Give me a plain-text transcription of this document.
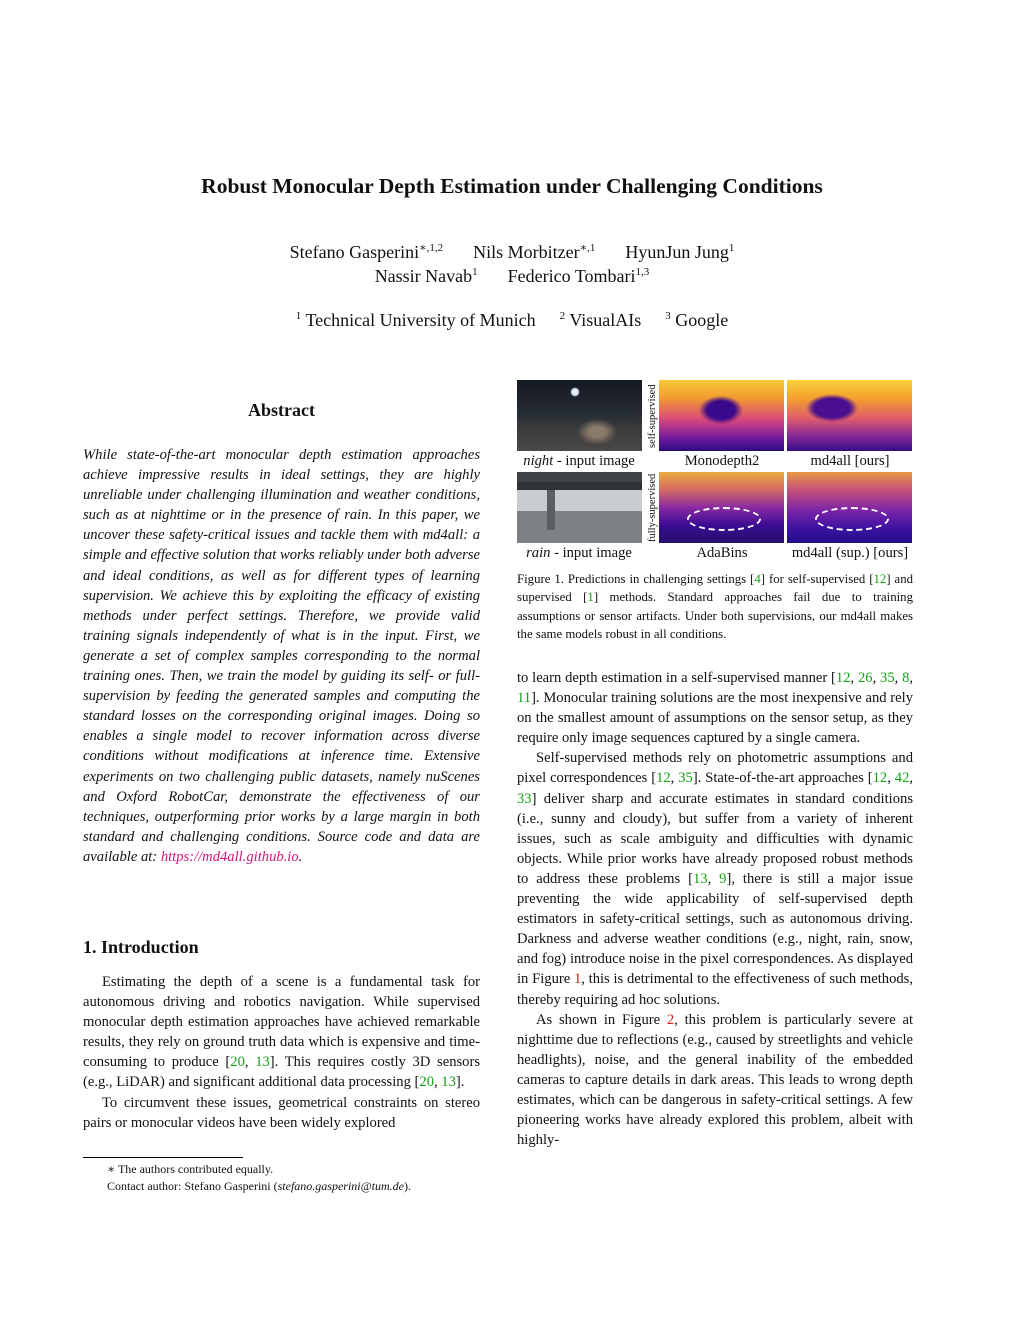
Robust Monocular Depth Estimation under Challenging Conditions
Stefano Gasperini$^{∗,1,2}$ Nils Morbitzer$^{∗,1}$ HyunJun Jung$^1$
Nassir Navab$^1$ Federico Tombari$^{1,3}$
$^1$ Technical University of Munich $^2$ VisualAIs $^3$ Google
Abstract
While state-of-the-art monocular depth estimation approaches achieve impressive results in ideal settings, they are highly unreliable under challenging illumination and weather conditions, such as at nighttime or in the presence of rain. In this paper, we uncover these safety-critical issues and tackle them with md4all: a simple and effective solution that works reliably under both adverse and ideal conditions, as well as for different types of learning supervision. We achieve this by exploiting the efficacy of existing methods under perfect settings. Therefore, we provide valid training signals independently of what is in the input. First, we generate a set of complex samples corresponding to the normal training ones. Then, we train the model by guiding its self- or full-supervision by feeding the generated samples and computing the standard losses on the corresponding original images. Doing so enables a single model to recover information across diverse conditions without modifications at inference time. Extensive experiments on two challenging public datasets, namely nuScenes and Oxford RobotCar, demonstrate the effectiveness of our techniques, outperforming prior works by a large margin in both standard and challenging conditions. Source code and data are available at: https://md4all.github.io.
self-supervised
night - input image	Monodepth2	md4all [ours]
fully-supervised
rain - input image	AdaBins	md4all (sup.) [ours]
Figure 1. Predictions in challenging settings [4] for self-supervised [12] and supervised [1] methods. Standard approaches fail due to training assumptions or sensor artifacts. Under both supervisions, our md4all makes the same models robust in all conditions.
1. Introduction

Estimating the depth of a scene is a fundamental task for autonomous driving and robotics navigation. While supervised monocular depth estimation approaches have achieved remarkable results, they rely on ground truth data which is expensive and time-consuming to produce [20, 13]. This requires costly 3D sensors (e.g., LiDAR) and significant additional data processing [20, 13].

To circumvent these issues, geometrical constraints on stereo pairs or monocular videos have been widely explored

∗ The authors contributed equally.
Contact author: Stefano Gasperini (stefano.gasperini@tum.de).

to learn depth estimation in a self-supervised manner [12, 26, 35, 8, 11]. Monocular training solutions are the most inexpensive and rely on the smallest amount of assumptions on the sensor setup, as they require only image sequences captured by a single camera.

Self-supervised methods rely on photometric assumptions and pixel correspondences [12, 35]. State-of-the-art approaches [12, 42, 33] deliver sharp and accurate estimates in standard conditions (i.e., sunny and cloudy), but suffer from a variety of inherent issues, such as scale ambiguity and difficulties with dynamic objects. While prior works have already proposed robust methods to address these problems [13, 9], there is still a major issue preventing the wide applicability of self-supervised depth estimators in safety-critical settings, such as autonomous driving. Darkness and adverse weather conditions (e.g., night, rain, snow, and fog) introduce noise in the pixel correspondences. As displayed in Figure 1, this is detrimental to the effectiveness of such methods, thereby requiring ad hoc solutions.

As shown in Figure 2, this problem is particularly severe at nighttime due to reflections (e.g., caused by streetlights and vehicle headlights), noise, and the general inability of the embedded cameras to capture details in dark areas. This leads to wrong depth estimates, which can be dangerous in safety-critical settings. A few pioneering works have already explored this problem, albeit with highly-
